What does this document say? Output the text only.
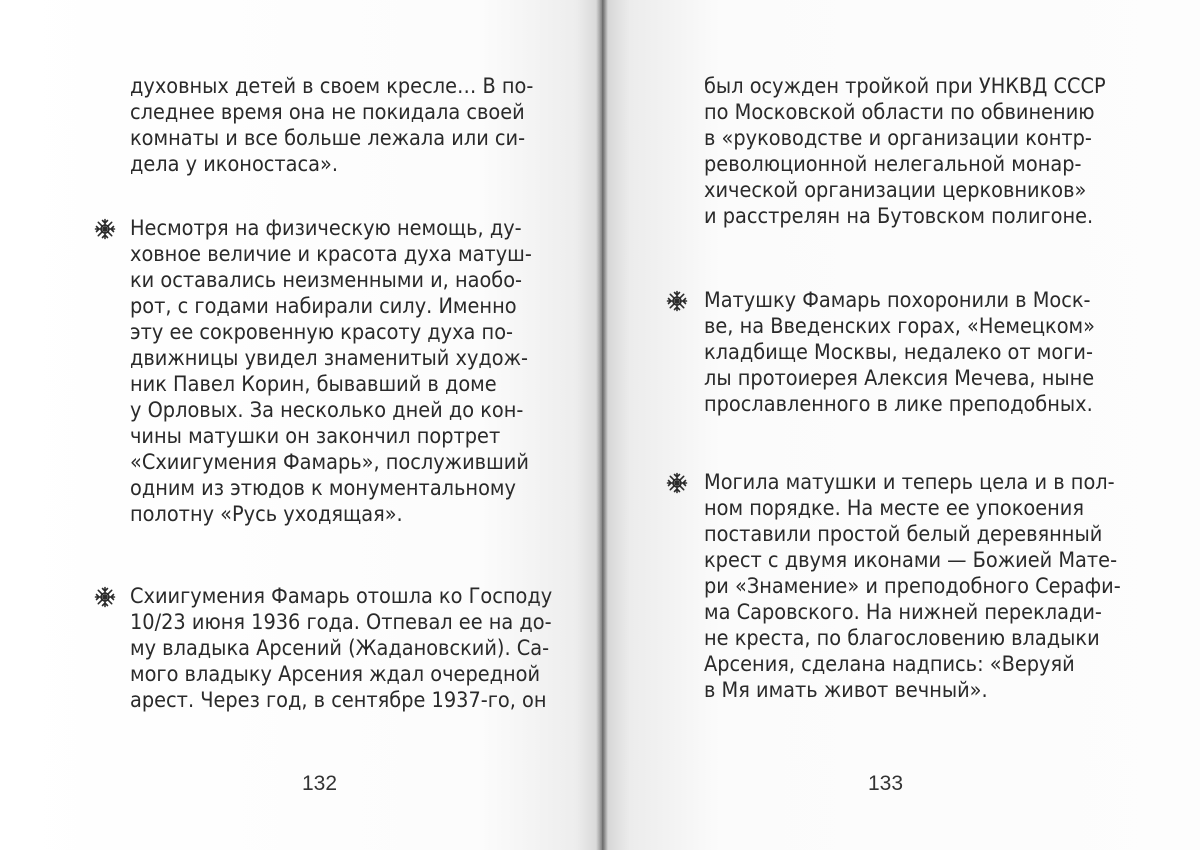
духовных детей в своем кресле… В по-
следнее время она не покидала своей
комнаты и все больше лежала или си-
дела у иконостаса».
Несмотря на физическую немощь, ду-
ховное величие и красота духа матуш-
ки оставались неизменными и, наобо-
рот, с годами набирали силу. Именно
эту ее сокровенную красоту духа по-
движницы увидел знаменитый худож-
ник Павел Корин, бывавший в доме
у Орловых. За несколько дней до кон-
чины матушки он закончил портрет
«Схиигумения Фамарь», послуживший
одним из этюдов к монументальному
полотну «Русь уходящая».
Схиигумения Фамарь отошла ко Господу
10/23 июня 1936 года. Отпевал ее на до-
му владыка Арсений (Жадановский). Са-
мого владыку Арсения ждал очередной
арест. Через год, в сентябре 1937-го, он
132
был осужден тройкой при УНКВД СССР
по Московской области по обвинению
в «руководстве и организации контр-
революционной нелегальной монар-
хической организации церковников»
и расстрелян на Бутовском полигоне.
Матушку Фамарь похоронили в Моск-
ве, на Введенских горах, «Немецком»
кладбище Москвы, недалеко от моги-
лы протоиерея Алексия Мечева, ныне
прославленного в лике преподобных.
Могила матушки и теперь цела и в пол-
ном порядке. На месте ее упокоения
поставили простой белый деревянный
крест с двумя иконами — Божией Мате-
ри «Знамение» и преподобного Серафи-
ма Саровского. На нижней переклади-
не креста, по благословению владыки
Арсения, сделана надпись: «Веруяй
в Мя имать живот вечный».
133
